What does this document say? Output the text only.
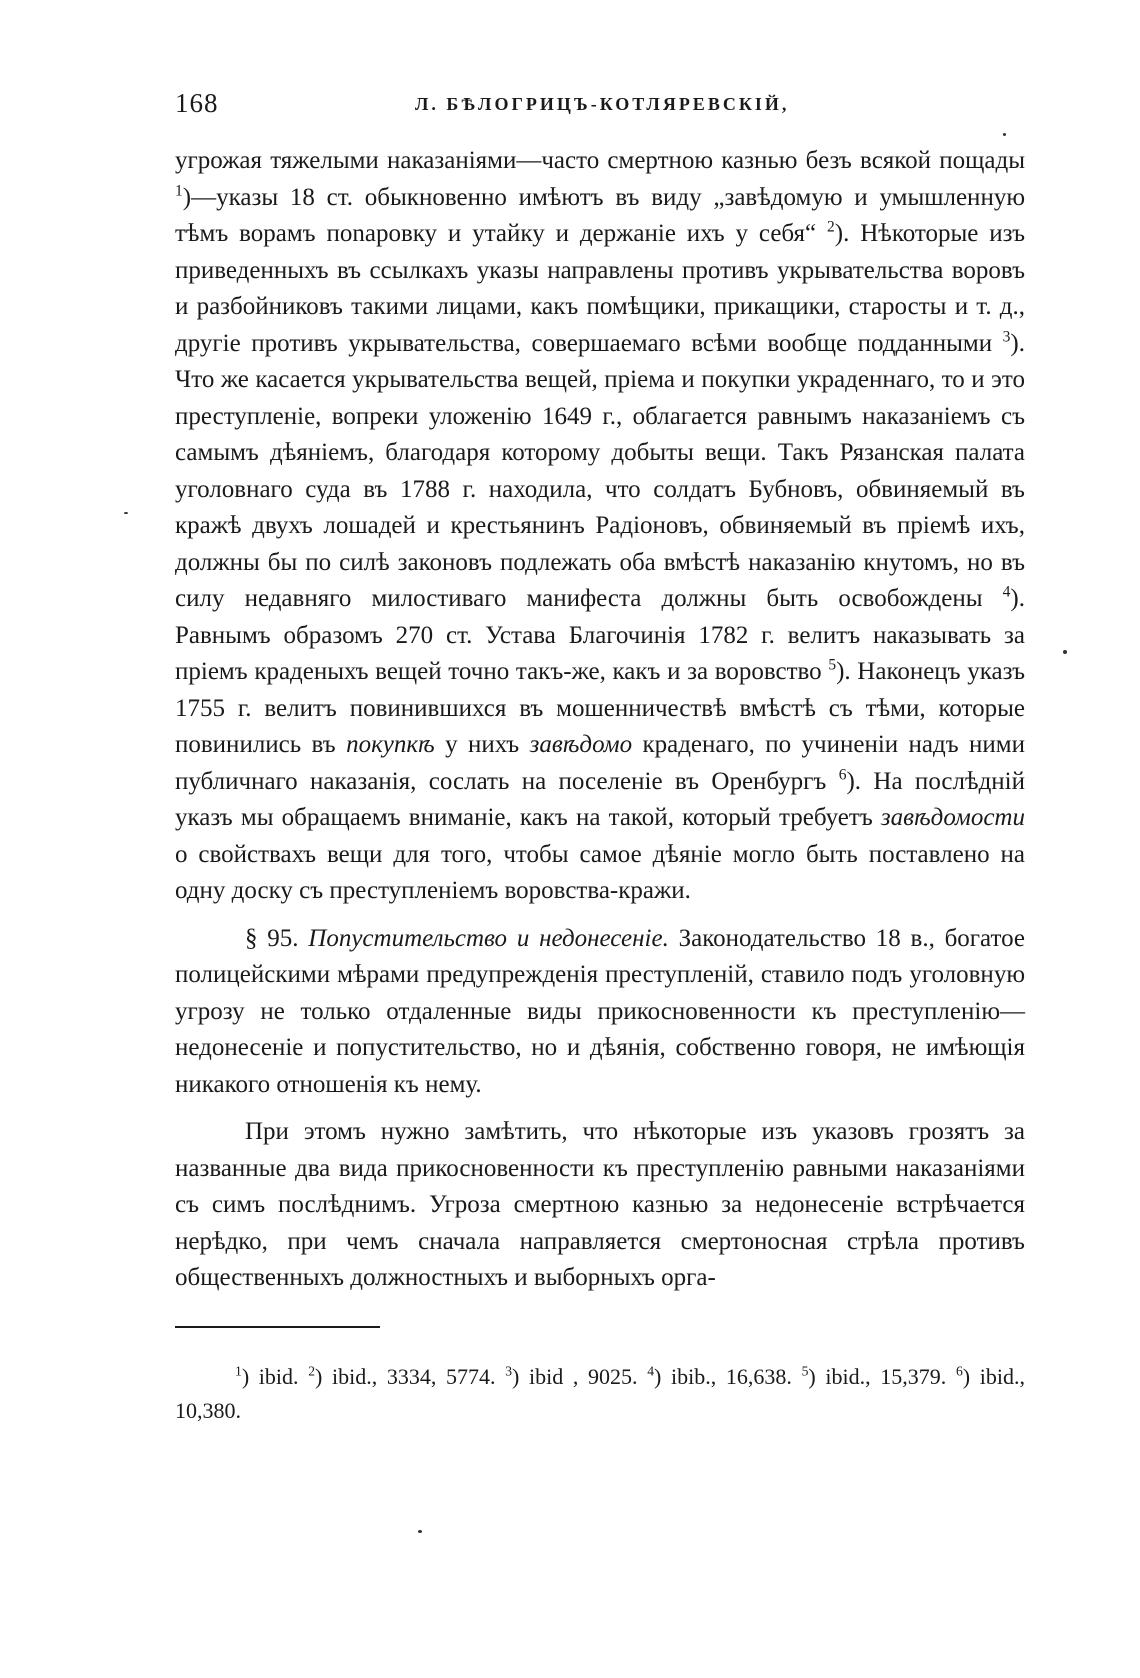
168	Л. БѢЛОГРИЦЪ-КОТЛЯРЕВСКІЙ,

угрожая тяжелыми наказаніями—часто смертною казнью безъ всякой пощады $^1$)—указы 18 ст. обыкновенно имѣютъ въ виду „завѣдомую и умышленную тѣмъ ворамъ поnаровку и утайку и держаніе ихъ у себя“ $^2$). Нѣкоторые изъ приведенныхъ въ ссылкахъ указы направлены противъ укрывательства воровъ и разбойниковъ такими лицами, какъ помѣщики, прикащики, старосты и т. д., другіе противъ укрывательства, совершаемаго всѣми вообще подданными $^3$). Что же касается укрывательства вещей, пріема и покупки украденнаго, то и это преступленіе, вопреки уложенію 1649 г., облагается равнымъ наказаніемъ съ самымъ дѣяніемъ, благодаря которому добыты вещи. Такъ Рязанская палата уголовнаго суда въ 1788 г. находила, что солдатъ Бубновъ, обвиняемый въ кражѣ двухъ лошадей и крестьянинъ Радіоновъ, обвиняемый въ пріемѣ ихъ, должны бы по силѣ законовъ подлежать оба вмѣстѣ наказанію кнутомъ, но въ силу недавняго милостиваго манифеста должны быть освобождены $^4$). Равнымъ образомъ 270 ст. Устава Благочинія 1782 г. велитъ наказывать за пріемъ краденыхъ вещей точно такъ-же, какъ и за воровство $^5$). Наконецъ указъ 1755 г. велитъ повинившихся въ мошенничествѣ вмѣстѣ съ тѣми, которые повинились въ покупкѣ у нихъ завѣдомо краденаго, по учиненіи надъ ними публичнаго наказанія, сослать на поселеніе въ Оренбургъ $^6$). На послѣдній указъ мы обращаемъ вниманіе, какъ на такой, который требуетъ завѣдомости о свойствахъ вещи для того, чтобы самое дѣяніе могло быть поставлено на одну доску съ преступленіемъ воровства-кражи.

§ 95. Попустительство и недонесеніе. Законодательство 18 в., богатое полицейскими мѣрами предупрежденія преступленій, ставило подъ уголовную угрозу не только отдаленные виды прикосновенности къ преступленію—недонесеніе и попустительство, но и дѣянія, собственно говоря, не имѣющія никакого отношенія къ нему.

При этомъ нужно замѣтить, что нѣкоторые изъ указовъ грозятъ за названные два вида прикосновенности къ преступленію равными наказаніями съ симъ послѣднимъ. Угроза смертною казнью за недонесеніе встрѣчается нерѣдко, при чемъ сначала направляется смертоносная стрѣла противъ общественныхъ должностныхъ и выборныхъ орга-

$^1$) ibid. $^2$) ibid., 3334, 5774. $^3$) ibid , 9025. $^4$) ibib., 16,638. $^5$) ibid., 15,379. $^6$) ibid., 10,380.
